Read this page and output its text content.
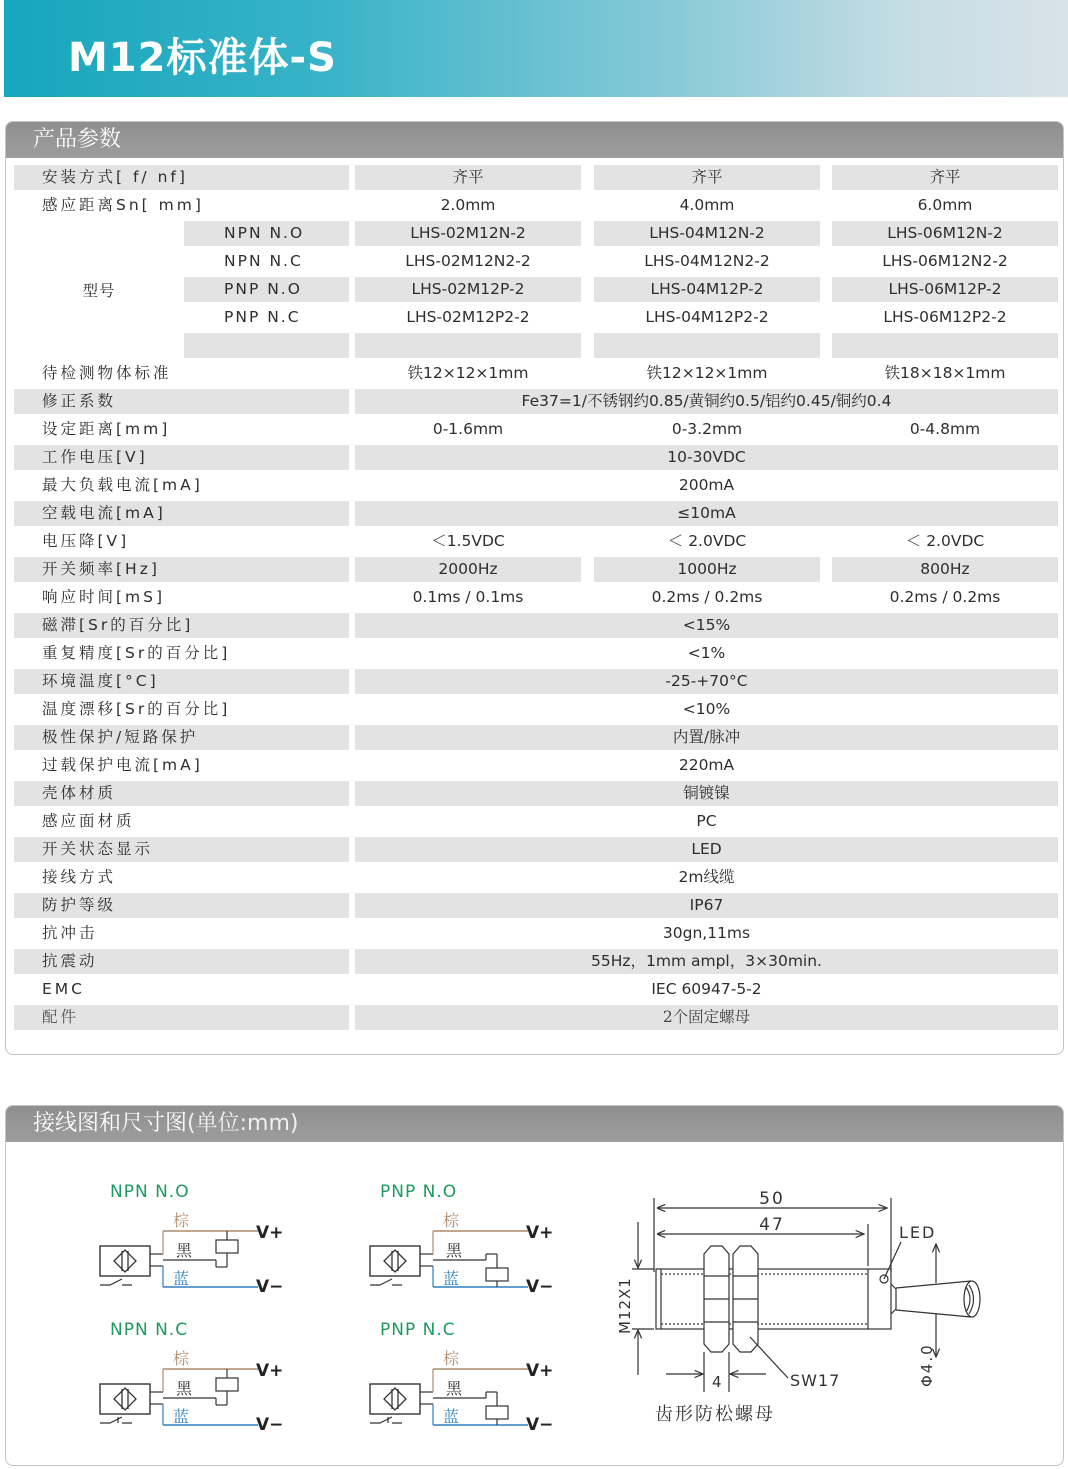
M12标准体-S
产品参数
安装方式[ f/ nf]	齐平	齐平	齐平
感应距离Sn[ mm]	2.0mm	4.0mm	6.0mm
型号
NPN N.O	LHS-02M12N-2	LHS-04M12N-2	LHS-06M12N-2
NPN N.C	LHS-02M12N2-2	LHS-04M12N2-2	LHS-06M12N2-2
PNP N.O	LHS-02M12P-2	LHS-04M12P-2	LHS-06M12P-2
PNP N.C	LHS-02M12P2-2	LHS-04M12P2-2	LHS-06M12P2-2
待检测物体标准	铁12×12×1mm	铁12×12×1mm	铁18×18×1mm
修正系数	Fe37=1/不锈钢约0.85/黄铜约0.5/铝约0.45/铜约0.4
设定距离[mm]	0-1.6mm	0-3.2mm	0-4.8mm
工作电压[V]	10-30VDC
最大负载电流[mA]	200mA
空载电流[mA]	≤10mA
电压降[V]	＜1.5VDC	＜ 2.0VDC	＜ 2.0VDC
开关频率[Hz]	2000Hz	1000Hz	800Hz
响应时间[mS]	0.1ms / 0.1ms	0.2ms / 0.2ms	0.2ms / 0.2ms
磁滞[Sr的百分比]	<15%
重复精度[Sr的百分比]	<1%
环境温度[°C]	-25-+70°C
温度漂移[Sr的百分比]	<10%
极性保护/短路保护	内置/脉冲
过载保护电流[mA]	220mA
壳体材质	铜镀镍
感应面材质	PC
开关状态显示	LED
接线方式	2m线缆
防护等级	IP67
抗冲击	30gn,11ms
抗震动	55Hz，1mm ampl，3×30min.
EMC	IEC 60947-5-2
配件	2个固定螺母
接线图和尺寸图(单位:mm)
NPN N.O
棕
V+
蓝	V−
黑
PNP N.O
棕
V+
蓝	V−
黑
NPN N.C
棕
V+
蓝	V−
黑
PNP N.C
棕
V+
蓝	V−
黑
50
47	LED
M12X1
4	SW17	Φ4.0
齿形防松螺母
